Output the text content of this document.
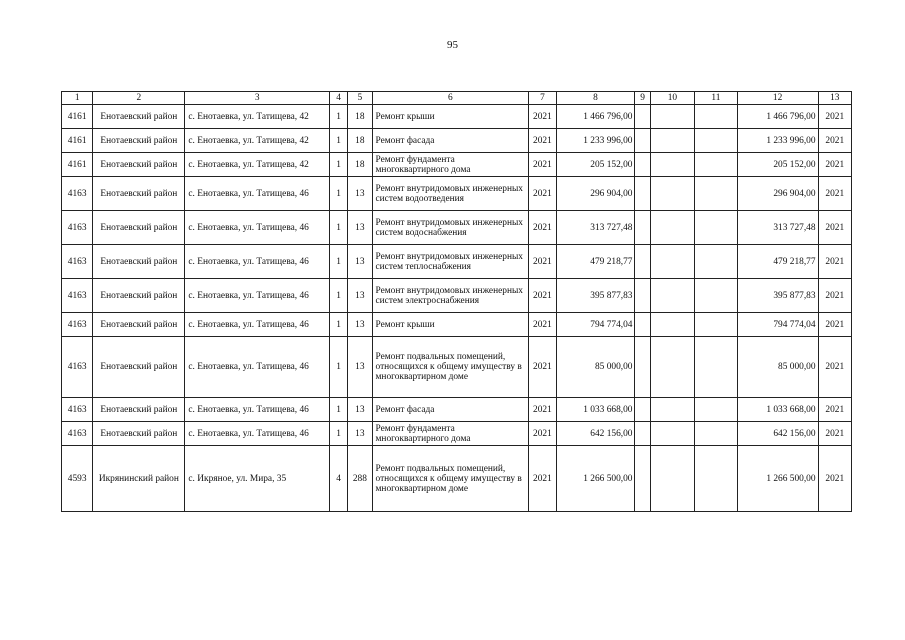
95
1	2	3	4	5	6	7	8	9	10	11	12	13
4161	Енотаевский район	с. Енотаевка, ул. Татищева, 42	1	18	Ремонт крыши	2021	1 466 796,00				1 466 796,00	2021
4161	Енотаевский район	с. Енотаевка, ул. Татищева, 42	1	18	Ремонт фасада	2021	1 233 996,00				1 233 996,00	2021
4161	Енотаевский район	с. Енотаевка, ул. Татищева, 42	1	18	Ремонт фундамента многоквартирного дома	2021	205 152,00				205 152,00	2021
4163	Енотаевский район	с. Енотаевка, ул. Татищева, 46	1	13	Ремонт внутридомовых инженерных систем водоотведения	2021	296 904,00				296 904,00	2021
4163	Енотаевский район	с. Енотаевка, ул. Татищева, 46	1	13	Ремонт внутридомовых инженерных систем водоснабжения	2021	313 727,48				313 727,48	2021
4163	Енотаевский район	с. Енотаевка, ул. Татищева, 46	1	13	Ремонт внутридомовых инженерных систем теплоснабжения	2021	479 218,77				479 218,77	2021
4163	Енотаевский район	с. Енотаевка, ул. Татищева, 46	1	13	Ремонт внутридомовых инженерных систем электроснабжения	2021	395 877,83				395 877,83	2021
4163	Енотаевский район	с. Енотаевка, ул. Татищева, 46	1	13	Ремонт крыши	2021	794 774,04				794 774,04	2021
4163	Енотаевский район	с. Енотаевка, ул. Татищева, 46	1	13	Ремонт подвальных помещений, относящихся к общему имуществу в многоквартирном доме	2021	85 000,00				85 000,00	2021
4163	Енотаевский район	с. Енотаевка, ул. Татищева, 46	1	13	Ремонт фасада	2021	1 033 668,00				1 033 668,00	2021
4163	Енотаевский район	с. Енотаевка, ул. Татищева, 46	1	13	Ремонт фундамента многоквартирного дома	2021	642 156,00				642 156,00	2021
4593	Икрянинский район	с. Икряное, ул. Мира, 35	4	288	Ремонт подвальных помещений, относящихся к общему имуществу в многоквартирном доме	2021	1 266 500,00				1 266 500,00	2021
